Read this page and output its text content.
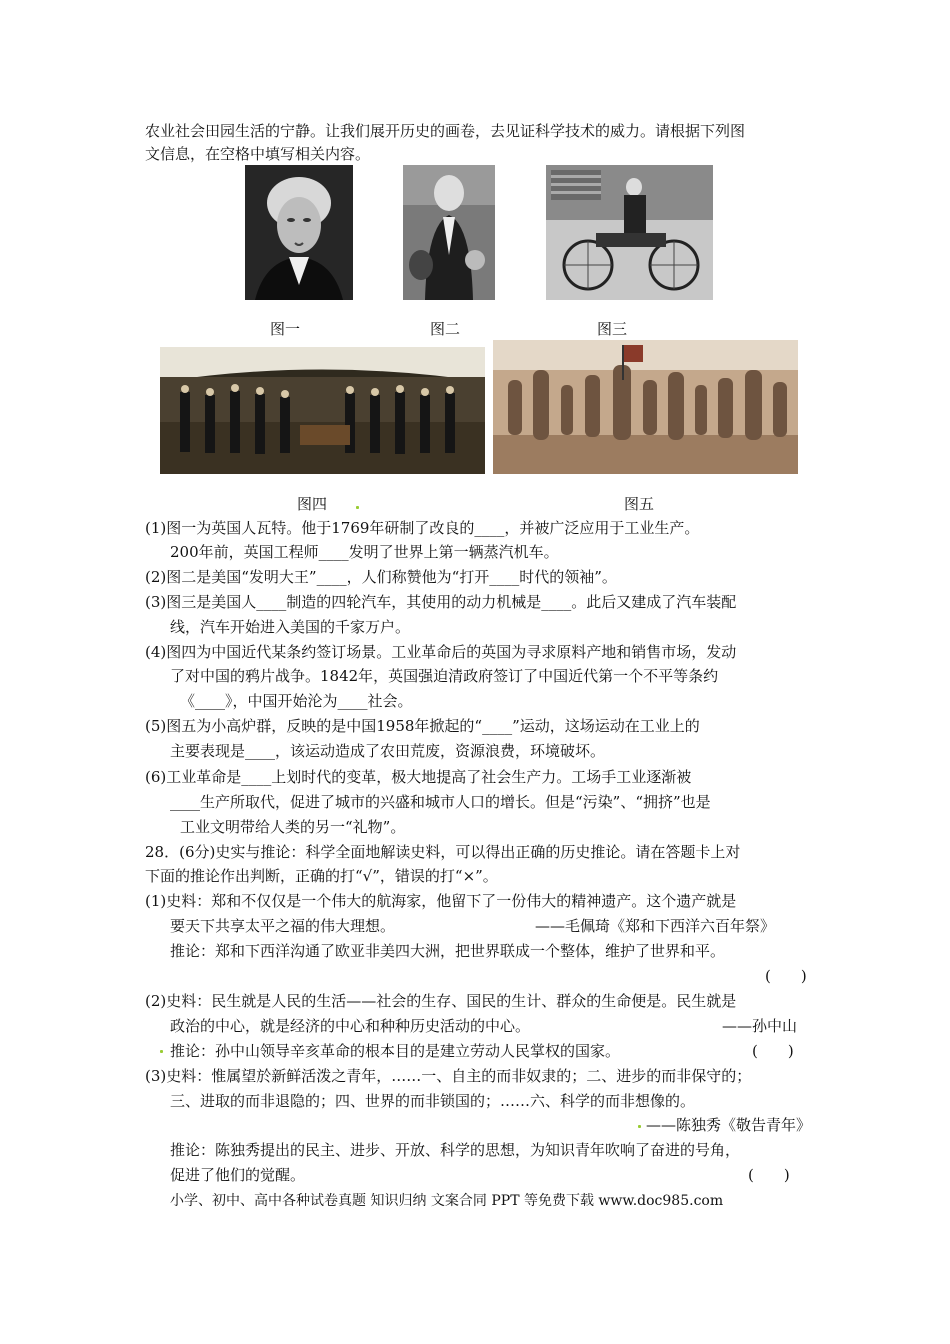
农业社会田园生活的宁静。让我们展开历史的画卷，去见证科学技术的威力。请根据下列图
文信息，在空格中填写相关内容。
图一	图二	图三
图四	图五
(1)图一为英国人瓦特。他于1769年研制了改良的____，并被广泛应用于工业生产。
200年前，英国工程师____发明了世界上第一辆蒸汽机车。
(2)图二是美国“发明大王”____，人们称赞他为“打开____时代的领袖”。
(3)图三是美国人____制造的四轮汽车，其使用的动力机械是____。此后又建成了汽车装配
线，汽车开始进入美国的千家万户。
(4)图四为中国近代某条约签订场景。工业革命后的英国为寻求原料产地和销售市场，发动
了对中国的鸦片战争。1842年，英国强迫清政府签订了中国近代第一个不平等条约
《____》，中国开始沦为____社会。
(5)图五为小高炉群，反映的是中国1958年掀起的“____”运动，这场运动在工业上的
主要表现是____，该运动造成了农田荒废，资源浪费，环境破坏。
(6)工业革命是____上划时代的变革，极大地提高了社会生产力。工场手工业逐渐被
____生产所取代，促进了城市的兴盛和城市人口的增长。但是“污染”、“拥挤”也是
工业文明带给人类的另一“礼物”。
28．(6分)史实与推论：科学全面地解读史料，可以得出正确的历史推论。请在答题卡上对
下面的推论作出判断，正确的打“√”，错误的打“×”。
(1)史料：郑和不仅仅是一个伟大的航海家，他留下了一份伟大的精神遗产。这个遗产就是
要天下共享太平之福的伟大理想。	——毛佩琦《郑和下西洋六百年祭》
推论：郑和下西洋沟通了欧亚非美四大洲，把世界联成一个整体，维护了世界和平。
(　　)
(2)史料：民生就是人民的生活——社会的生存、国民的生计、群众的生命便是。民生就是
政治的中心，就是经济的中心和种种历史活动的中心。	——孙中山
推论：孙中山领导辛亥革命的根本目的是建立劳动人民掌权的国家。	(　　)
(3)史料：惟属望於新鲜活泼之青年，……一、自主的而非奴隶的；二、进步的而非保守的；
三、进取的而非退隐的；四、世界的而非锁国的；……六、科学的而非想像的。
——陈独秀《敬告青年》
推论：陈独秀提出的民主、进步、开放、科学的思想，为知识青年吹响了奋进的号角，
促进了他们的觉醒。	(　　)
小学、初中、高中各种试卷真题 知识归纳 文案合同 PPT 等免费下载 www.doc985.com
